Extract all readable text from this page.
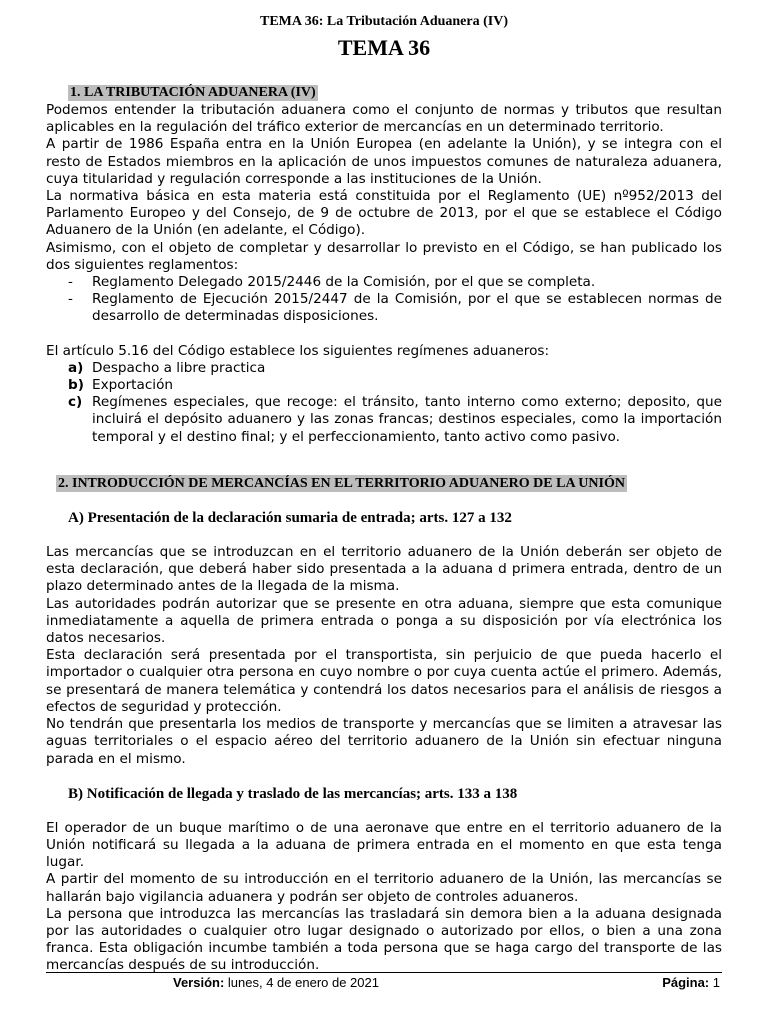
TEMA 36: La Tributación Aduanera (IV)
TEMA 36
1. LA TRIBUTACIÓN ADUANERA (IV)

Podemos entender la tributación aduanera como el conjunto de normas y tributos que resultan aplicables en la regulación del tráfico exterior de mercancías en un determinado territorio.

A partir de 1986 España entra en la Unión Europea (en adelante la Unión), y se integra con el resto de Estados miembros en la aplicación de unos impuestos comunes de naturaleza aduanera, cuya titularidad y regulación corresponde a las instituciones de la Unión.

La normativa básica en esta materia está constituida por el Reglamento (UE) nº952/2013 del Parlamento Europeo y del Consejo, de 9 de octubre de 2013, por el que se establece el Código Aduanero de la Unión (en adelante, el Código).

Asimismo, con el objeto de completar y desarrollar lo previsto en el Código, se han publicado los dos siguientes reglamentos:

- Reglamento Delegado 2015/2446 de la Comisión, por el que se completa.
- Reglamento de Ejecución 2015/2447 de la Comisión, por el que se establecen normas de desarrollo de determinadas disposiciones.

El artículo 5.16 del Código establece los siguientes regímenes aduaneros:

a) Despacho a libre practica
b) Exportación
c) Regímenes especiales, que recoge: el tránsito, tanto interno como externo; deposito, que incluirá el depósito aduanero y las zonas francas; destinos especiales, como la importación temporal y el destino final; y el perfeccionamiento, tanto activo como pasivo.
2. INTRODUCCIÓN DE MERCANCÍAS EN EL TERRITORIO ADUANERO DE LA UNIÓN
A) Presentación de la declaración sumaria de entrada; arts. 127 a 132

Las mercancías que se introduzcan en el territorio aduanero de la Unión deberán ser objeto de esta declaración, que deberá haber sido presentada a la aduana d primera entrada, dentro de un plazo determinado antes de la llegada de la misma.

Las autoridades podrán autorizar que se presente en otra aduana, siempre que esta comunique inmediatamente a aquella de primera entrada o ponga a su disposición por vía electrónica los datos necesarios.

Esta declaración será presentada por el transportista, sin perjuicio de que pueda hacerlo el importador o cualquier otra persona en cuyo nombre o por cuya cuenta actúe el primero. Además, se presentará de manera telemática y contendrá los datos necesarios para el análisis de riesgos a efectos de seguridad y protección.

No tendrán que presentarla los medios de transporte y mercancías que se limiten a atravesar las aguas territoriales o el espacio aéreo del territorio aduanero de la Unión sin efectuar ninguna parada en el mismo.

B) Notificación de llegada y traslado de las mercancías; arts. 133 a 138

El operador de un buque marítimo o de una aeronave que entre en el territorio aduanero de la Unión notificará su llegada a la aduana de primera entrada en el momento en que esta tenga lugar.

A partir del momento de su introducción en el territorio aduanero de la Unión, las mercancías se hallarán bajo vigilancia aduanera y podrán ser objeto de controles aduaneros.

La persona que introduzca las mercancías las trasladará sin demora bien a la aduana designada por las autoridades o cualquier otro lugar designado o autorizado por ellos, o bien a una zona franca. Esta obligación incumbe también a toda persona que se haga cargo del transporte de las mercancías después de su introducción.

Versión: lunes, 4 de enero de 2021	Página: 1
